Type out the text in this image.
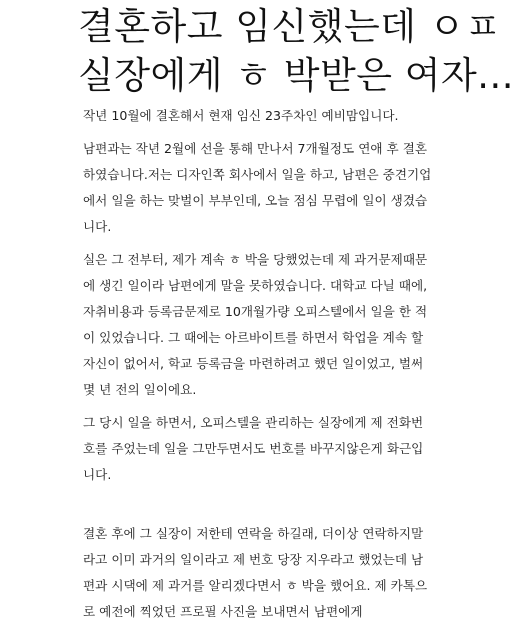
결혼하고 임신했는데 ㅇㅍ
실장에게 ㅎ 박받은 여자...

작년 10월에 결혼해서 현재 임신 23주차인 예비맘입니다.

남편과는 작년 2월에 선을 통해 만나서 7개월정도 연애 후 결혼
하였습니다.저는 디자인쪽 회사에서 일을 하고, 남편은 중견기업
에서 일을 하는 맞벌이 부부인데, 오늘 점심 무렵에 일이 생겼습
니다.

실은 그 전부터, 제가 계속 ㅎ 박을 당했었는데 제 과거문제때문
에 생긴 일이라 남편에게 말을 못하였습니다. 대학교 다닐 때에,
자취비용과 등록금문제로 10개월가량 오피스텔에서 일을 한 적
이 있었습니다. 그 때에는 아르바이트를 하면서 학업을 계속 할
자신이 없어서, 학교 등록금을 마련하려고 했던 일이었고, 벌써
몇 년 전의 일이에요.

그 당시 일을 하면서, 오피스텔을 관리하는 실장에게 제 전화번
호를 주었는데 일을 그만두면서도 번호를 바꾸지않은게 화근입
니다.

결혼 후에 그 실장이 저한테 연락을 하길래, 더이상 연락하지말
라고 이미 과거의 일이라고 제 번호 당장 지우라고 했었는데 남
편과 시댁에 제 과거를 알리겠다면서 ㅎ 박을 했어요. 제 카톡으
로 예전에 찍었던 프로필 사진을 보내면서 남편에게
